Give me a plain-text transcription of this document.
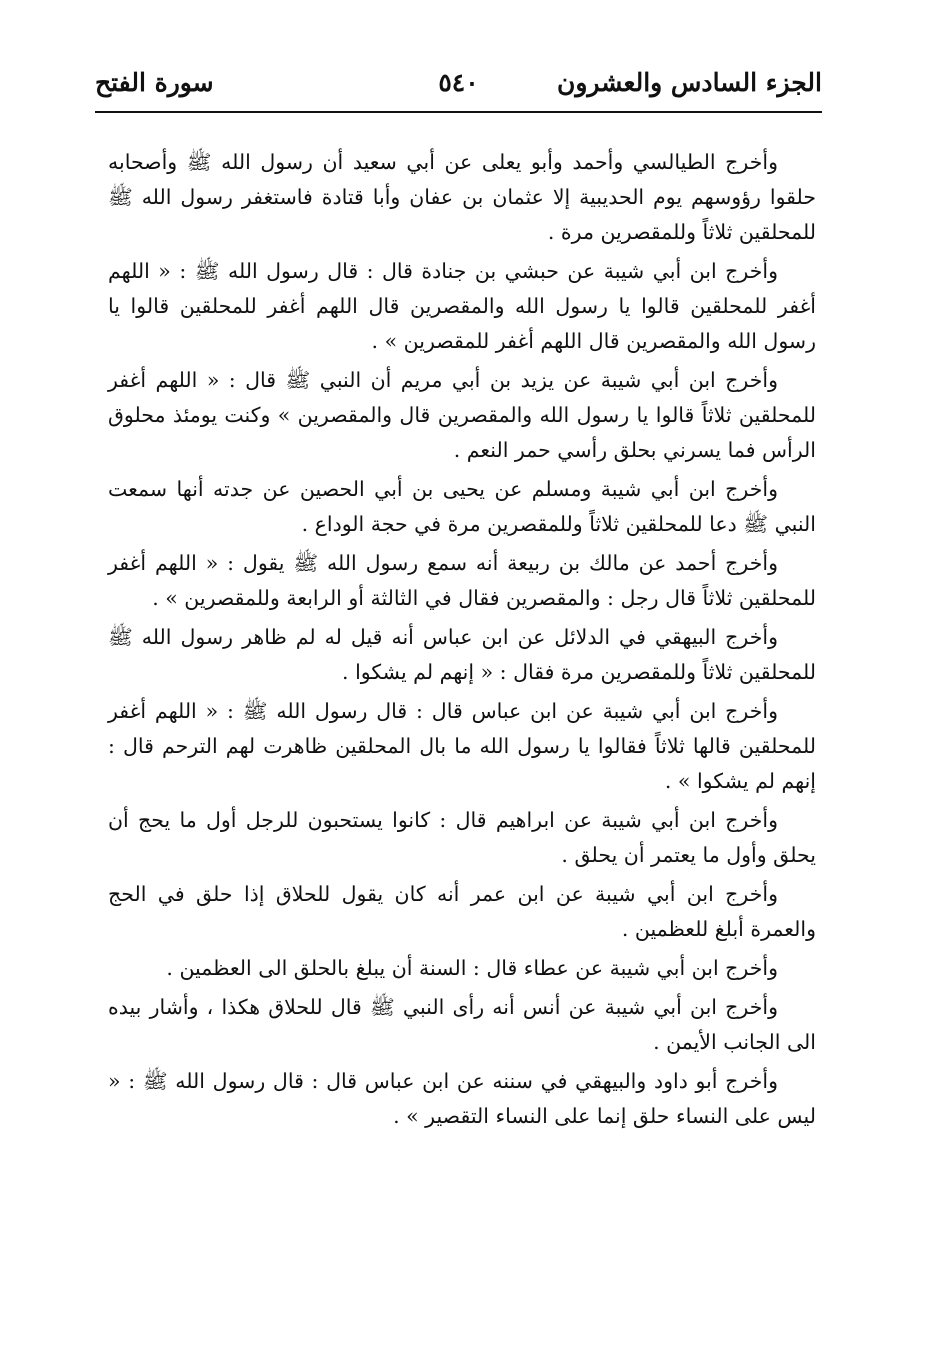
الجزء السادس والعشرون
٥٤٠
سورة الفتح

وأخرج الطيالسي وأحمد وأبو يعلى عن أبي سعيد أن رسول الله ﷺ وأصحابه حلقوا رؤوسهم يوم الحديبية إلا عثمان بن عفان وأبا قتادة فاستغفر رسول الله ﷺ للمحلقين ثلاثاً وللمقصرين مرة .

وأخرج ابن أبي شيبة عن حبشي بن جنادة قال : قال رسول الله ﷺ : « اللهم أغفر للمحلقين قالوا يا رسول الله والمقصرين قال اللهم أغفر للمحلقين قالوا يا رسول الله والمقصرين قال اللهم أغفر للمقصرين » .

وأخرج ابن أبي شيبة عن يزيد بن أبي مريم أن النبي ﷺ قال : « اللهم أغفر للمحلقين ثلاثاً قالوا يا رسول الله والمقصرين قال والمقصرين » وكنت يومئذ محلوق الرأس فما يسرني بحلق رأسي حمر النعم .

وأخرج ابن أبي شيبة ومسلم عن يحيى بن أبي الحصين عن جدته أنها سمعت النبي ﷺ دعا للمحلقين ثلاثاً وللمقصرين مرة في حجة الوداع .

وأخرج أحمد عن مالك بن ربيعة أنه سمع رسول الله ﷺ يقول : « اللهم أغفر للمحلقين ثلاثاً قال رجل : والمقصرين فقال في الثالثة أو الرابعة وللمقصرين » .

وأخرج البيهقي في الدلائل عن ابن عباس أنه قيل له لم ظاهر رسول الله ﷺ للمحلقين ثلاثاً وللمقصرين مرة فقال : « إنهم لم يشكوا .

وأخرج ابن أبي شيبة عن ابن عباس قال : قال رسول الله ﷺ : « اللهم أغفر للمحلقين قالها ثلاثاً فقالوا يا رسول الله ما بال المحلقين ظاهرت لهم الترحم قال : إنهم لم يشكوا » .

وأخرج ابن أبي شيبة عن ابراهيم قال : كانوا يستحبون للرجل أول ما يحج أن يحلق وأول ما يعتمر أن يحلق .

وأخرج ابن أبي شيبة عن ابن عمر أنه كان يقول للحلاق إذا حلق في الحج والعمرة أبلغ للعظمين .

وأخرج ابن أبي شيبة عن عطاء قال : السنة أن يبلغ بالحلق الى العظمين .

وأخرج ابن أبي شيبة عن أنس أنه رأى النبي ﷺ قال للحلاق هكذا ، وأشار بيده الى الجانب الأيمن .

وأخرج أبو داود والبيهقي في سننه عن ابن عباس قال : قال رسول الله ﷺ : « ليس على النساء حلق إنما على النساء التقصير » .
